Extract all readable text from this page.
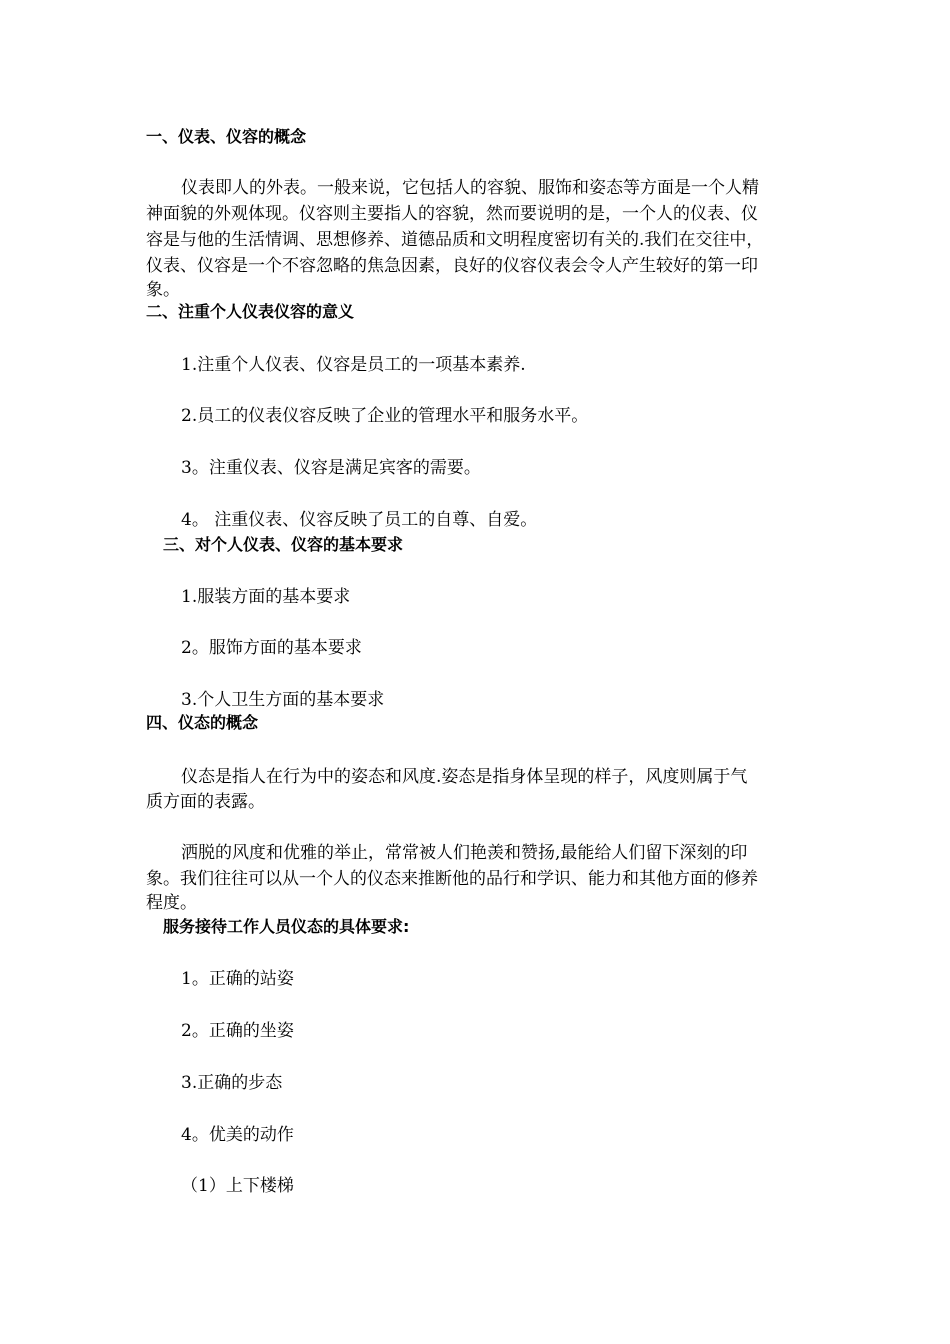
一、仪表、仪容的概念
仪表即人的外表。一般来说，它包括人的容貌、服饰和姿态等方面是一个人精
神面貌的外观体现。仪容则主要指人的容貌，然而要说明的是，一个人的仪表、仪
容是与他的生活情调、思想修养、道德品质和文明程度密切有关的.我们在交往中，
仪表、仪容是一个不容忽略的焦急因素，良好的仪容仪表会令人产生较好的第一印
象。
二、注重个人仪表仪容的意义
1.注重个人仪表、仪容是员工的一项基本素养.
2.员工的仪表仪容反映了企业的管理水平和服务水平。
3。注重仪表、仪容是满足宾客的需要。
4。 注重仪表、仪容反映了员工的自尊、自爱。
三、对个人仪表、仪容的基本要求
1.服装方面的基本要求
2。服饰方面的基本要求
3.个人卫生方面的基本要求
四、仪态的概念
仪态是指人在行为中的姿态和风度.姿态是指身体呈现的样子，风度则属于气
质方面的表露。
洒脱的风度和优雅的举止，常常被人们艳羡和赞扬,最能给人们留下深刻的印
象。我们往往可以从一个人的仪态来推断他的品行和学识、能力和其他方面的修养
程度。
服务接待工作人员仪态的具体要求:
1。正确的站姿
2。正确的坐姿
3.正确的步态
4。优美的动作
（1）上下楼梯
